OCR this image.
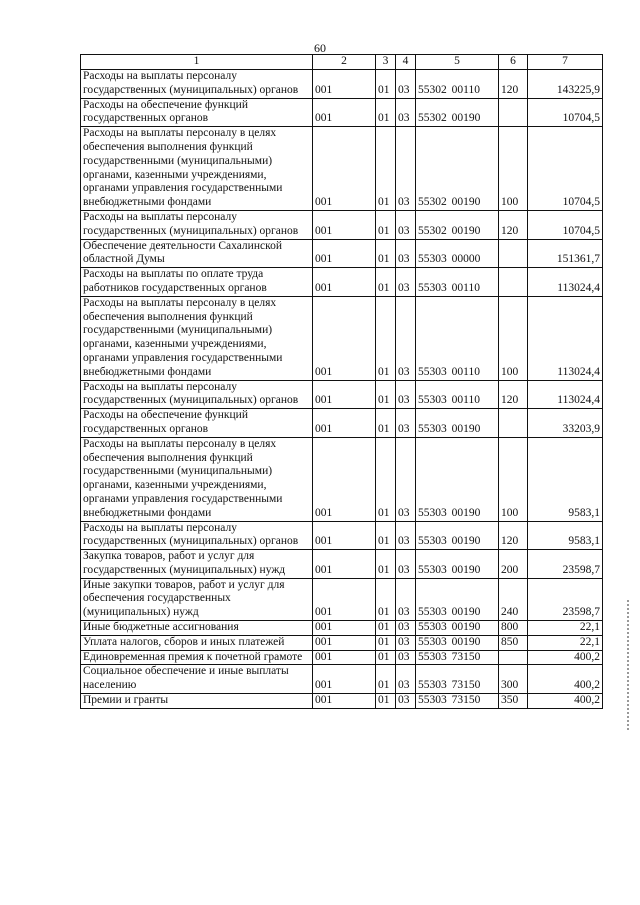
60
1	2	3	4	5	6	7
Расходы на выплаты персоналу государственных (муниципальных) органов	001	01	03	55302 00110	120	143225,9
Расходы на обеспечение функций государственных органов	001	01	03	55302 00190		10704,5
Расходы на выплаты персоналу в целях обеспечения выполнения функций государственными (муниципальными) органами, казенными учреждениями, органами управления государственными внебюджетными фондами	001	01	03	55302 00190	100	10704,5
Расходы на выплаты персоналу государственных (муниципальных) органов	001	01	03	55302 00190	120	10704,5
Обеспечение деятельности Сахалинской областной Думы	001	01	03	55303 00000		151361,7
Расходы на выплаты по оплате труда работников государственных органов	001	01	03	55303 00110		113024,4
Расходы на выплаты персоналу в целях обеспечения выполнения функций государственными (муниципальными) органами, казенными учреждениями, органами управления государственными внебюджетными фондами	001	01	03	55303 00110	100	113024,4
Расходы на выплаты персоналу государственных (муниципальных) органов	001	01	03	55303 00110	120	113024,4
Расходы на обеспечение функций государственных органов	001	01	03	55303 00190		33203,9
Расходы на выплаты персоналу в целях обеспечения выполнения функций государственными (муниципальными) органами, казенными учреждениями, органами управления государственными внебюджетными фондами	001	01	03	55303 00190	100	9583,1
Расходы на выплаты персоналу государственных (муниципальных) органов	001	01	03	55303 00190	120	9583,1
Закупка товаров, работ и услуг для государственных (муниципальных) нужд	001	01	03	55303 00190	200	23598,7
Иные закупки товаров, работ и услуг для обеспечения государственных (муниципальных) нужд	001	01	03	55303 00190	240	23598,7
Иные бюджетные ассигнования	001	01	03	55303 00190	800	22,1
Уплата налогов, сборов и иных платежей	001	01	03	55303 00190	850	22,1
Единовременная премия к почетной грамоте	001	01	03	55303 73150		400,2
Социальное обеспечение и иные выплаты населению	001	01	03	55303 73150	300	400,2
Премии и гранты	001	01	03	55303 73150	350	400,2
